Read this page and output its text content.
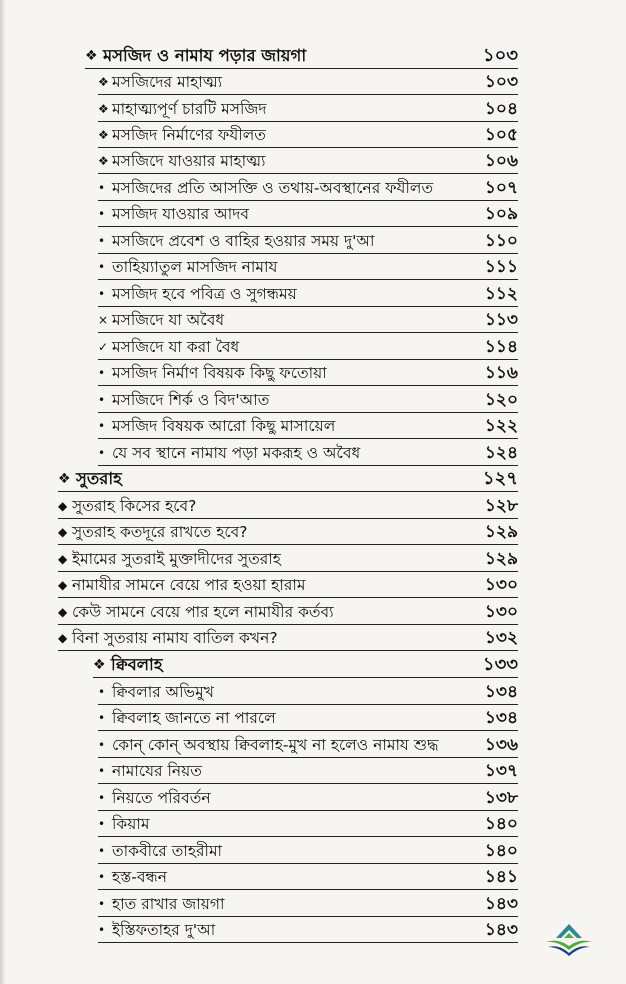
❖ মসজিদ ও নামায পড়ার জায়গা	১০৩
❖ মসজিদের মাহাত্ম্য	১০৩
❖ মাহাত্ম্যপূর্ণ চারটি মসজিদ	১০৪
❖ মসজিদ নির্মাণের ফযীলত	১০৫
❖ মসজিদে যাওয়ার মাহাত্ম্য	১০৬
• মসজিদের প্রতি আসক্তি ও তথায়-অবস্থানের ফযীলত	১০৭
• মসজিদ যাওয়ার আদব	১০৯
• মসজিদে প্রবেশ ও বাহির হওয়ার সময় দু'আ	১১০
• তাহিয়্যাতুল মাসজিদ নামায	১১১
• মসজিদ হবে পবিত্র ও সুগন্ধময়	১১২
× মসজিদে যা অবৈধ	১১৩
✓ মসজিদে যা করা বৈধ	১১৪
• মসজিদ নির্মাণ বিষয়ক কিছু ফতোয়া	১১৬
• মসজিদে শির্ক ও বিদ'আত	১২০
• মসজিদ বিষয়ক আরো কিছু মাসায়েল	১২২
• যে সব স্থানে নামায পড়া মকরূহ ও অবৈধ	১২৪
❖ সুতরাহ	১২৭
◆ সুতরাহ কিসের হবে?	১২৮
◆ সুতরাহ কতদূরে রাখতে হবে?	১২৯
◆ ইমামের সুতরাই মুক্তাদীদের সুতরাহ	১২৯
◆ নামাযীর সামনে বেয়ে পার হওয়া হারাম	১৩০
◆ কেউ সামনে বেয়ে পার হলে নামাযীর কর্তব্য	১৩০
◆ বিনা সুতরায় নামায বাতিল কখন?	১৩২
❖ ক্বিবলাহ	১৩৩
• ক্বিবলার অভিমুখ	১৩৪
• ক্বিবলাহ জানতে না পারলে	১৩৪
• কোন্ কোন্ অবস্থায় ক্বিবলাহ-মুখ না হলেও নামায শুদ্ধ	১৩৬
• নামাযের নিয়ত	১৩৭
• নিয়তে পরিবর্তন	১৩৮
• কিয়াম	১৪০
• তাকবীরে তাহরীমা	১৪০
• হস্ত-বন্ধন	১৪১
• হাত রাখার জায়গা	১৪৩
• ইস্তিফতাহর দু'আ	১৪৩
